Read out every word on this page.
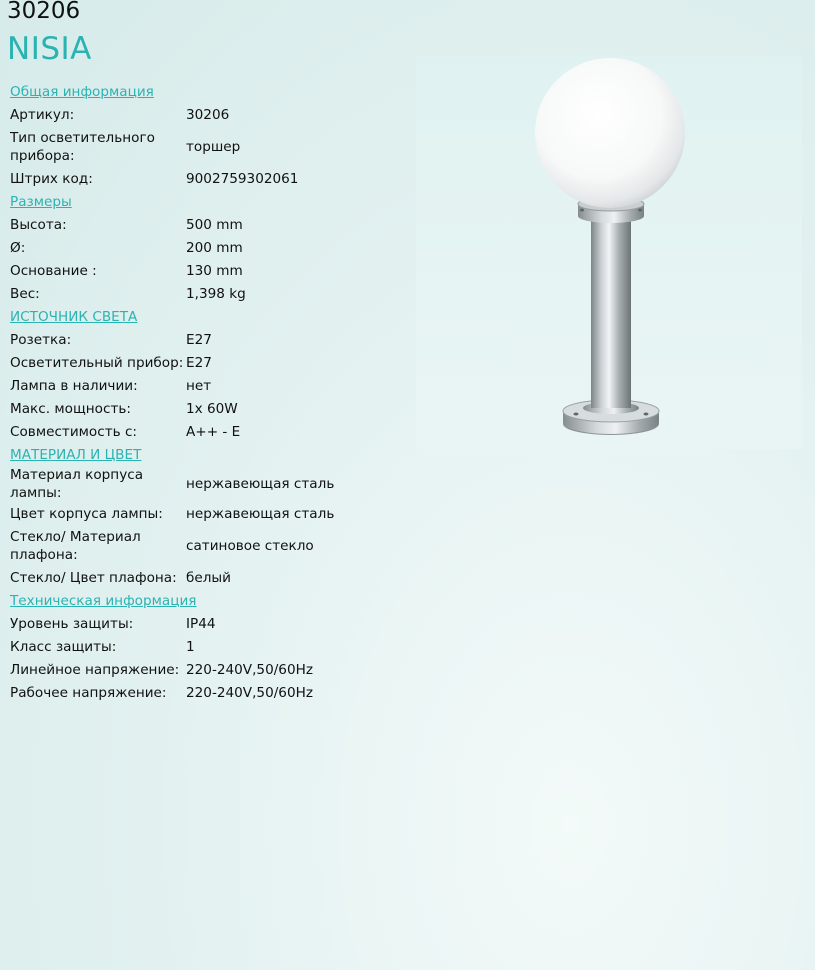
30206
NISIA
Общая информация
Артикул:	30206
Тип осветительного прибора:
торшер
Штрих код:	9002759302061
Размеры
Высота:	500 mm
Ø:	200 mm
Основание :	130 mm
Вес:	1,398 kg
ИСТОЧНИК СВЕТА
Розетка:	E27
Осветительный прибор: E27
Лампа в наличии:	нет
Макс. мощность:	1x 60W
Совместимость с:	A++ - E
МАТЕРИАЛ И ЦВЕТ
Материал корпуса лампы:
нержавеющая сталь
Цвет корпуса лампы:	нержавеющая сталь
Стекло/ Материал плафона:
сатиновое стекло
Стекло/ Цвет плафона: белый
Техническая информация
Уровень защиты:	IP44
Класс защиты:	1
Линейное напряжение: 220-240V,50/60Hz
Рабочее напряжение:	220-240V,50/60Hz
